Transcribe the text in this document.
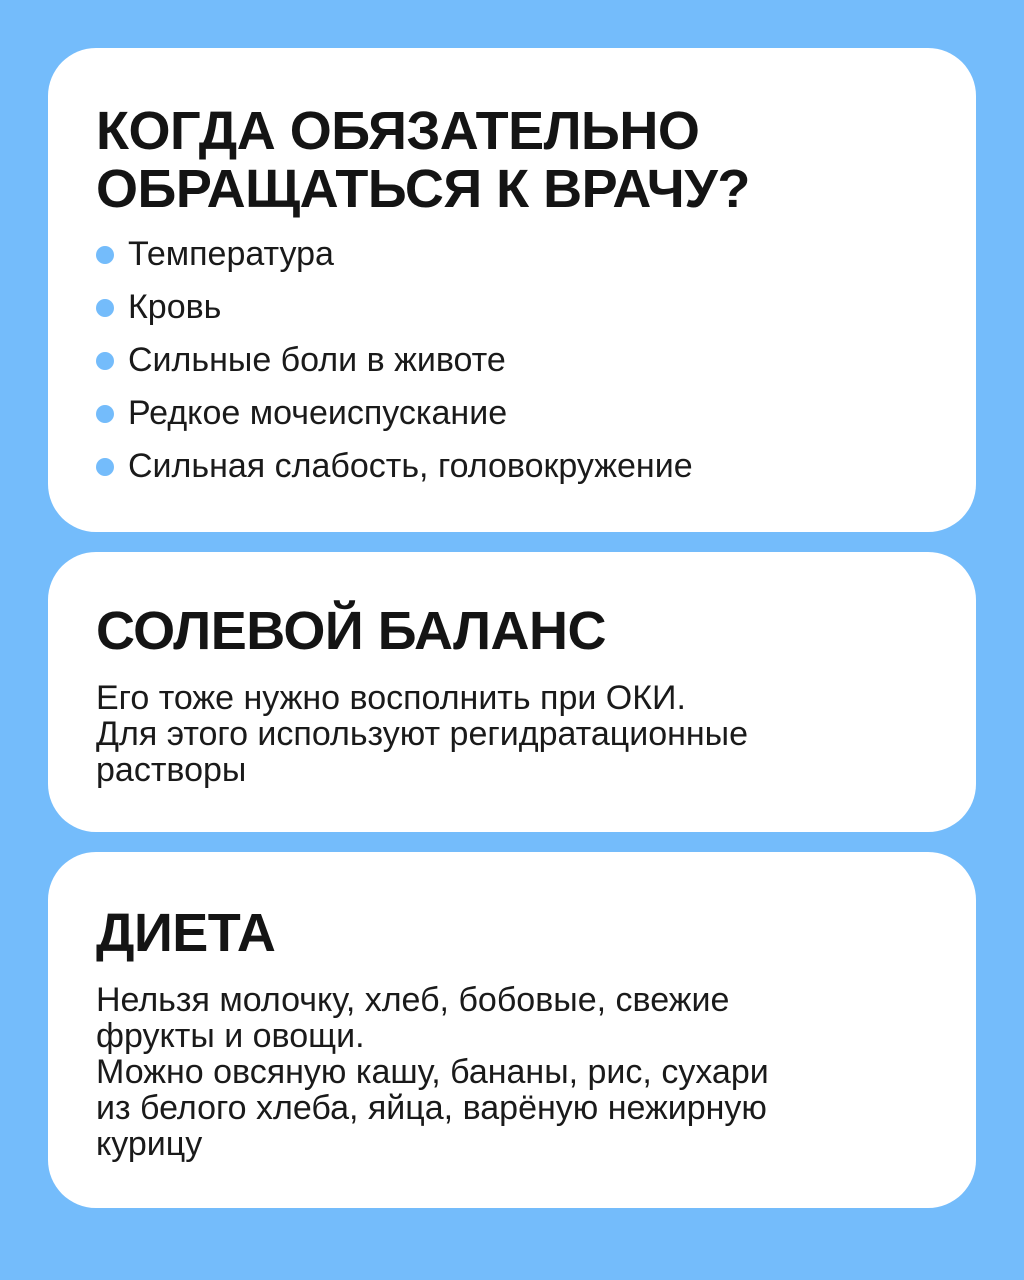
КОГДА ОБЯЗАТЕЛЬНО
ОБРАЩАТЬСЯ К ВРАЧУ?
Температура
Кровь
Сильные боли в животе
Редкое мочеиспускание
Сильная слабость, головокружение
СОЛЕВОЙ БАЛАНС

Его тоже нужно восполнить при ОКИ.
Для этого используют регидратационные
растворы

ДИЕТА

Нельзя молочку, хлеб, бобовые, свежие
фрукты и овощи.
Можно овсяную кашу, бананы, рис, сухари
из белого хлеба, яйца, варёную нежирную
курицу
